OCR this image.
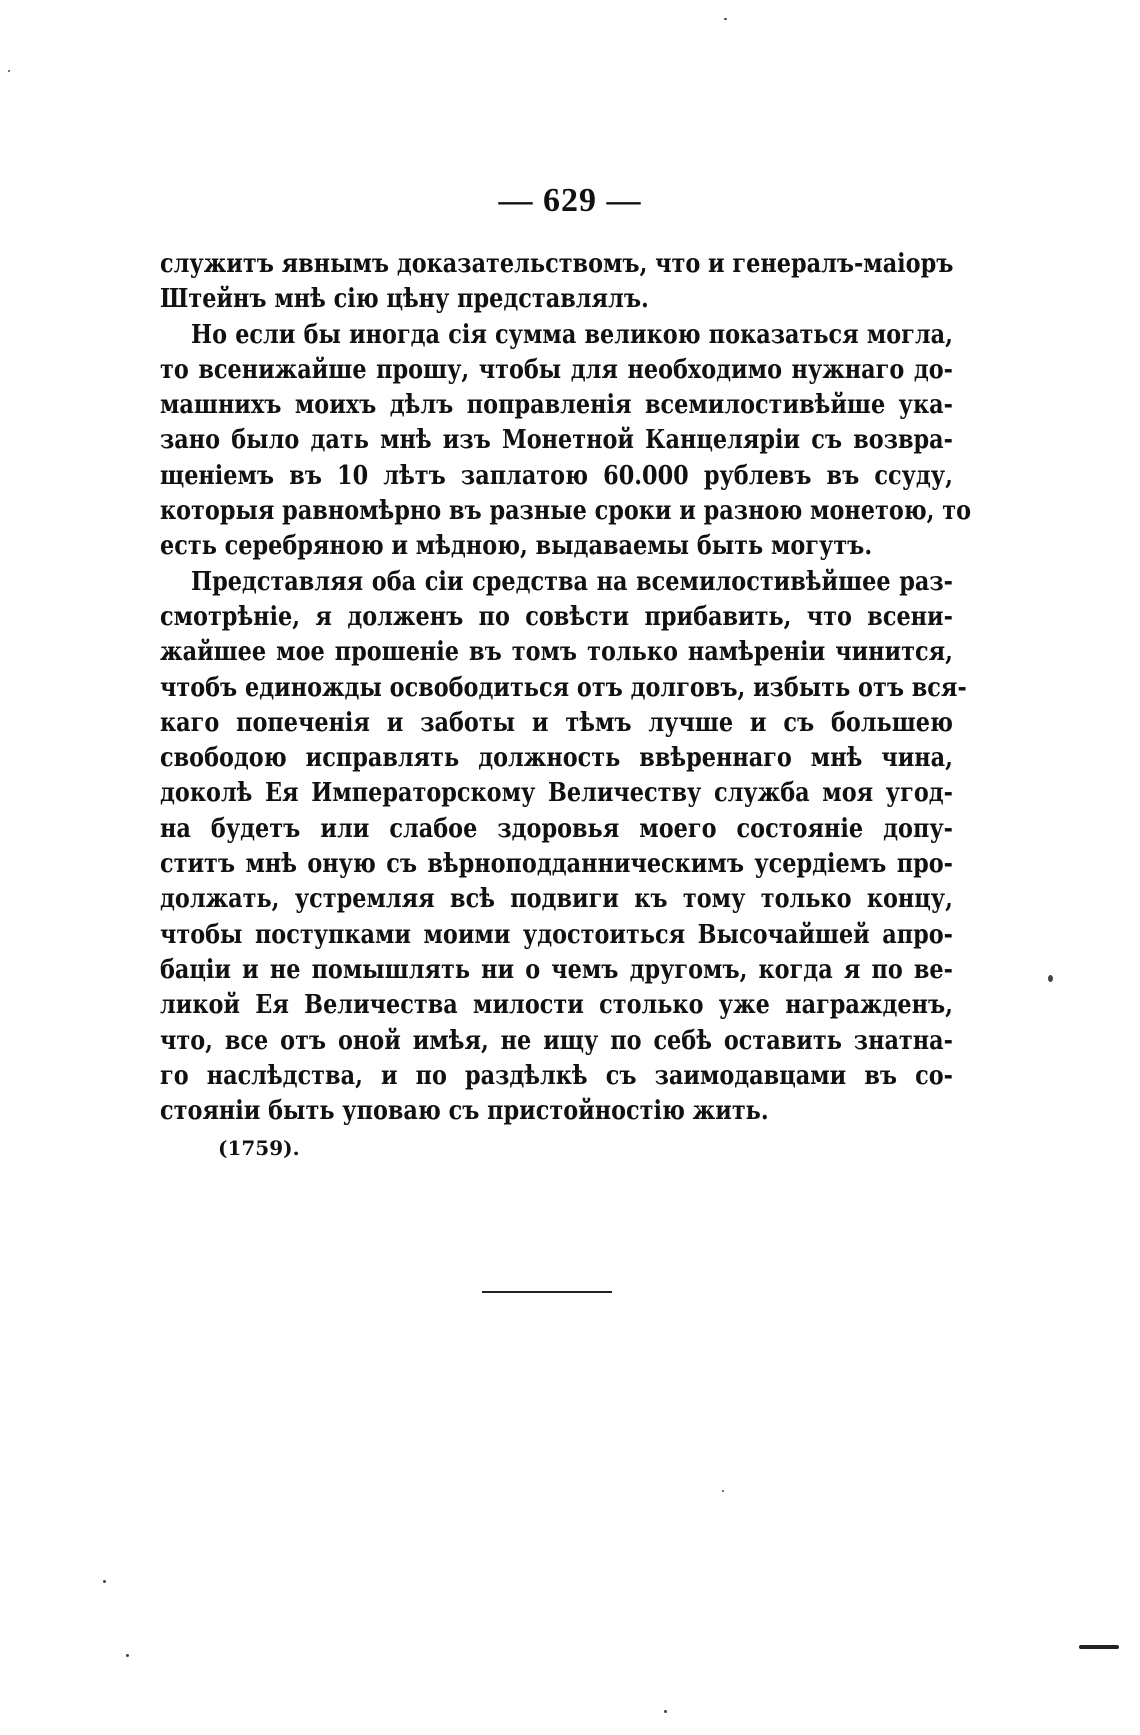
— 629 —
служитъ явнымъ доказательствомъ, что и генералъ-маіоръ
Штейнъ мнѣ сію цѣну представлялъ.
Но если бы иногда сія сумма великою показаться могла,
то всенижайше прошу, чтобы для необходимо нужнаго до-
машнихъ моихъ дѣлъ поправленія всемилостивѣйше ука-
зано было дать мнѣ изъ Монетной Канцеляріи съ возвра-
щеніемъ въ 10 лѣтъ заплатою 60.000 рублевъ въ ссуду,
которыя равномѣрно въ разные сроки и разною монетою, то
есть серебряною и мѣдною, выдаваемы быть могутъ.
Представляя оба сіи средства на всемилостивѣйшее раз-
смотрѣніе, я долженъ по совѣсти прибавить, что всени-
жайшее мое прошеніе въ томъ только намѣреніи чинится,
чтобъ единожды освободиться отъ долговъ, избыть отъ вся-
каго попеченія и заботы и тѣмъ лучше и съ большею
свободою исправлять должность ввѣреннаго мнѣ чина,
доколѣ Ея Императорскому Величеству служба моя угод-
на будетъ или слабое здоровья моего состояніе допу-
ститъ мнѣ оную съ вѣрноподданническимъ усердіемъ про-
должать, устремляя всѣ подвиги къ тому только концу,
чтобы поступками моими удостоиться Высочайшей апро-
баціи и не помышлять ни о чемъ другомъ, когда я по ве-
ликой Ея Величества милости столько уже награжденъ,
что, все отъ оной имѣя, не ищу по себѣ оставить знатна-
го наслѣдства, и по раздѣлкѣ съ заимодавцами въ со-
стояніи быть уповаю съ пристойностію жить.
(1759).
